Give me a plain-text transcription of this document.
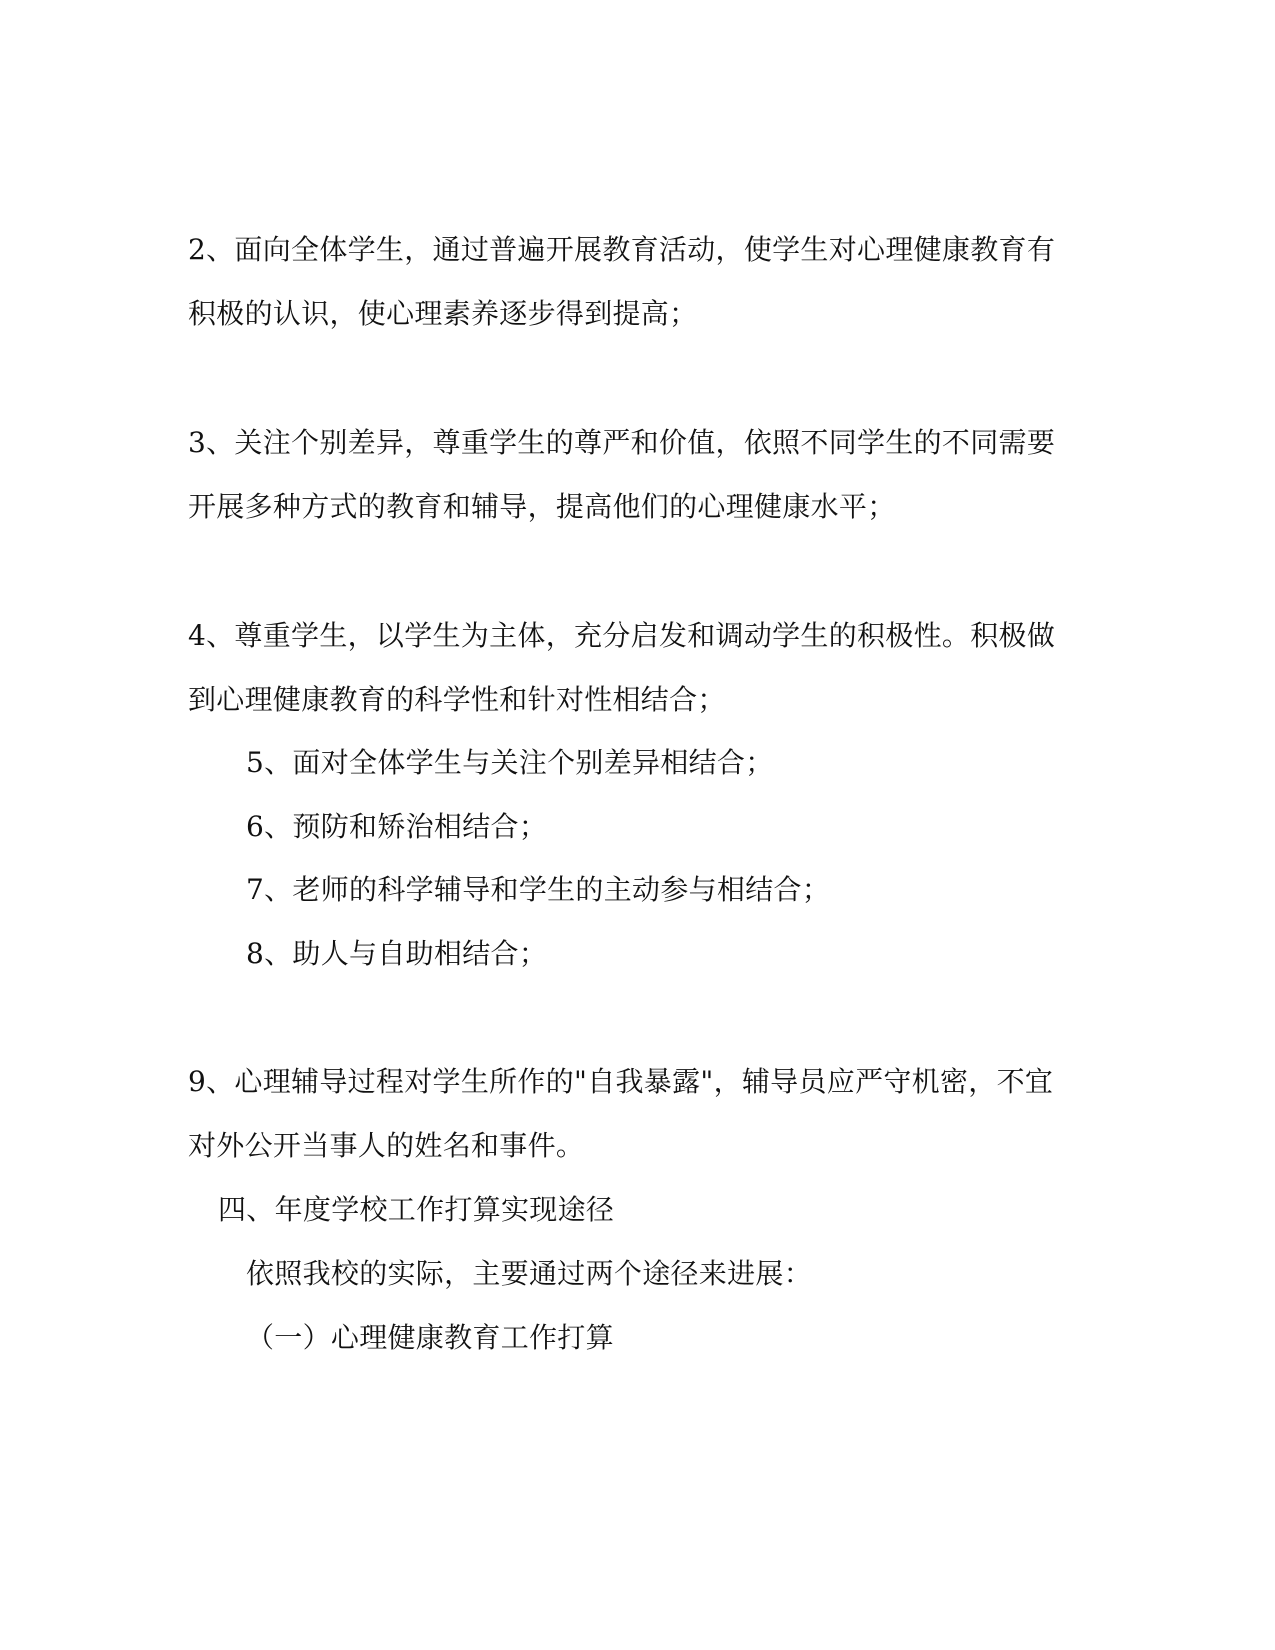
2、面向全体学生，通过普遍开展教育活动，使学生对心理健康教育有
积极的认识，使心理素养逐步得到提高；
3、关注个别差异，尊重学生的尊严和价值，依照不同学生的不同需要
开展多种方式的教育和辅导，提高他们的心理健康水平；
4、尊重学生，以学生为主体，充分启发和调动学生的积极性。积极做
到心理健康教育的科学性和针对性相结合；
5、面对全体学生与关注个别差异相结合；
6、预防和矫治相结合；
7、老师的科学辅导和学生的主动参与相结合；
8、助人与自助相结合；
9、心理辅导过程对学生所作的"自我暴露"，辅导员应严守机密，不宜
对外公开当事人的姓名和事件。
四、年度学校工作打算实现途径
依照我校的实际，主要通过两个途径来进展：
（一）心理健康教育工作打算
